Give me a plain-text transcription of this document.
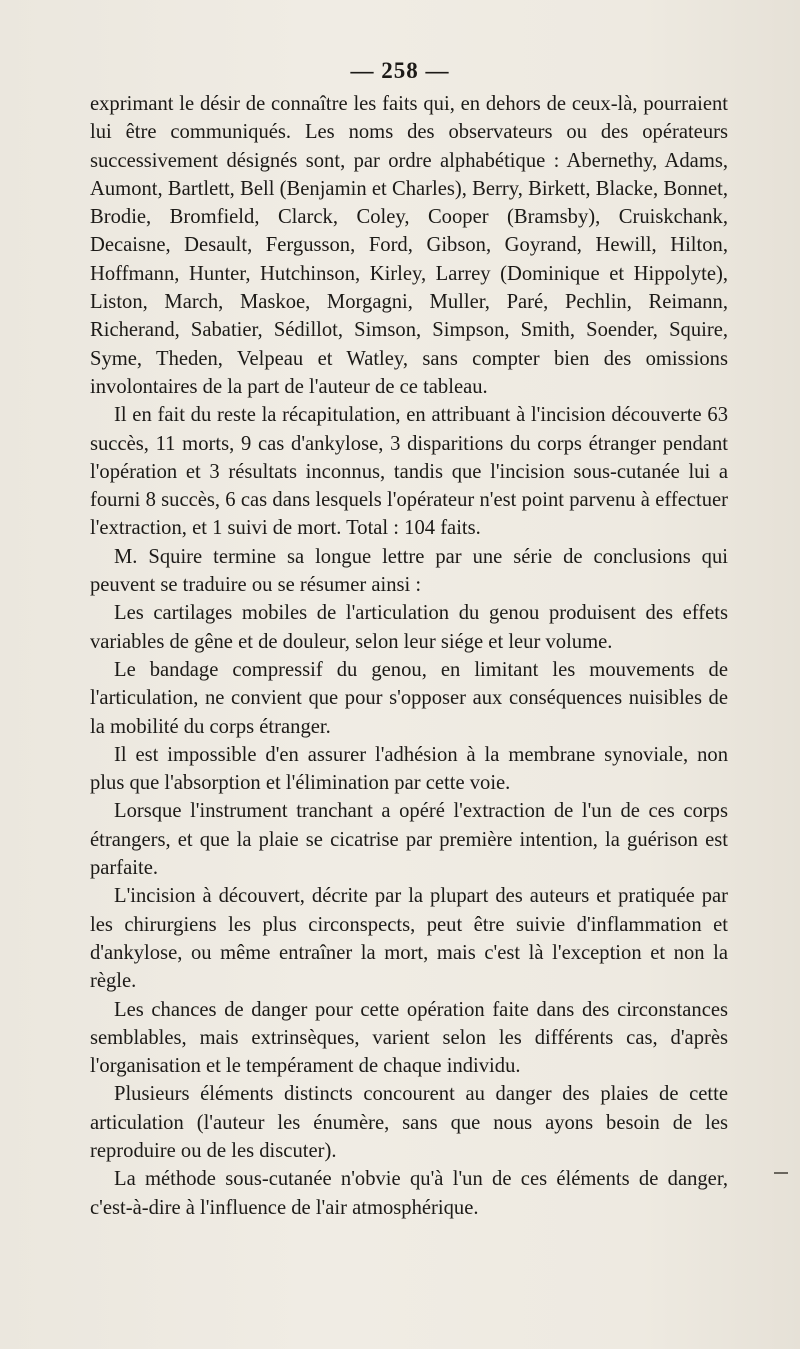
— 258 —

exprimant le désir de connaître les faits qui, en dehors de ceux-là, pourraient lui être communiqués. Les noms des observateurs ou des opérateurs successivement désignés sont, par ordre alphabétique : Abernethy, Adams, Aumont, Bartlett, Bell (Benjamin et Charles), Berry, Birkett, Blacke, Bonnet, Brodie, Bromfield, Clarck, Coley, Cooper (Bramsby), Cruiskchank, Decaisne, Desault, Fergusson, Ford, Gibson, Goyrand, Hewill, Hilton, Hoffmann, Hunter, Hutchinson, Kirley, Larrey (Dominique et Hippolyte), Liston, March, Maskoe, Morgagni, Muller, Paré, Pechlin, Reimann, Richerand, Sabatier, Sédillot, Simson, Simpson, Smith, Soender, Squire, Syme, Theden, Velpeau et Watley, sans compter bien des omissions involontaires de la part de l'auteur de ce tableau.

Il en fait du reste la récapitulation, en attribuant à l'incision découverte 63 succès, 11 morts, 9 cas d'ankylose, 3 disparitions du corps étranger pendant l'opération et 3 résultats inconnus, tandis que l'incision sous-cutanée lui a fourni 8 succès, 6 cas dans lesquels l'opérateur n'est point parvenu à effectuer l'extraction, et 1 suivi de mort. Total : 104 faits.

M. Squire termine sa longue lettre par une série de conclusions qui peuvent se traduire ou se résumer ainsi :

Les cartilages mobiles de l'articulation du genou produisent des effets variables de gêne et de douleur, selon leur siége et leur volume.

Le bandage compressif du genou, en limitant les mouvements de l'articulation, ne convient que pour s'opposer aux conséquences nuisibles de la mobilité du corps étranger.

Il est impossible d'en assurer l'adhésion à la membrane synoviale, non plus que l'absorption et l'élimination par cette voie.

Lorsque l'instrument tranchant a opéré l'extraction de l'un de ces corps étrangers, et que la plaie se cicatrise par première intention, la guérison est parfaite.

L'incision à découvert, décrite par la plupart des auteurs et pratiquée par les chirurgiens les plus circonspects, peut être suivie d'inflammation et d'ankylose, ou même entraîner la mort, mais c'est là l'exception et non la règle.

Les chances de danger pour cette opération faite dans des circonstances semblables, mais extrinsèques, varient selon les différents cas, d'après l'organisation et le tempérament de chaque individu.

Plusieurs éléments distincts concourent au danger des plaies de cette articulation (l'auteur les énumère, sans que nous ayons besoin de les reproduire ou de les discuter).

La méthode sous-cutanée n'obvie qu'à l'un de ces éléments de danger, c'est-à-dire à l'influence de l'air atmosphérique.
